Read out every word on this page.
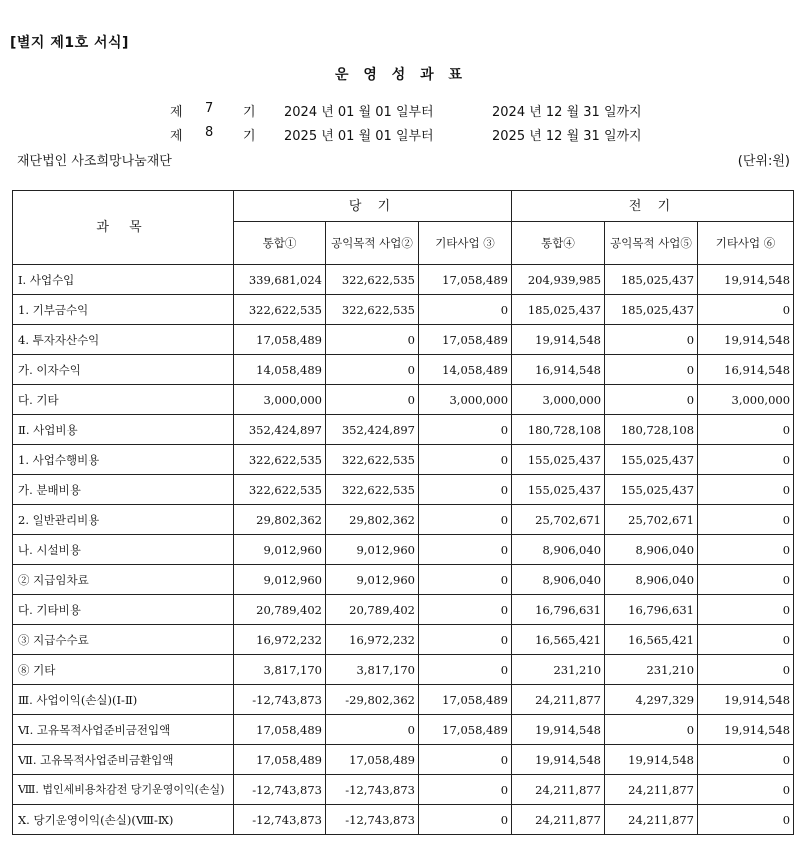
[별지 제1호 서식]
운 영 성 과 표

제

7

기

2024 년 01 월 01 일부터

	2024 년 12 월 31 일까지

제

8

기

2025 년 01 월 01 일부터

	2025 년 12 월 31 일까지

재단법인 사조희망나눔재단	(단위:원)
과 목	당 기			전 기		
	통합①	공익목적 사업②	기타사업 ③	통합④	공익목적 사업⑤	기타사업 ⑥
Ⅰ. 사업수입	339,681,024	322,622,535	17,058,489	204,939,985	185,025,437	19,914,548
1. 기부금수익	322,622,535	322,622,535	0	185,025,437	185,025,437	0
4. 투자자산수익	17,058,489	0	17,058,489	19,914,548	0	19,914,548
가. 이자수익	14,058,489	0	14,058,489	16,914,548	0	16,914,548
다. 기타	3,000,000	0	3,000,000	3,000,000	0	3,000,000
Ⅱ. 사업비용	352,424,897	352,424,897	0	180,728,108	180,728,108	0
1. 사업수행비용	322,622,535	322,622,535	0	155,025,437	155,025,437	0
가. 분배비용	322,622,535	322,622,535	0	155,025,437	155,025,437	0
2. 일반관리비용	29,802,362	29,802,362	0	25,702,671	25,702,671	0
나. 시설비용	9,012,960	9,012,960	0	8,906,040	8,906,040	0
② 지급임차료	9,012,960	9,012,960	0	8,906,040	8,906,040	0
다. 기타비용	20,789,402	20,789,402	0	16,796,631	16,796,631	0
③ 지급수수료	16,972,232	16,972,232	0	16,565,421	16,565,421	0
⑧ 기타	3,817,170	3,817,170	0	231,210	231,210	0
Ⅲ. 사업이익(손실)(Ⅰ-Ⅱ)	-12,743,873	-29,802,362	17,058,489	24,211,877	4,297,329	19,914,548
Ⅵ. 고유목적사업준비금전입액	17,058,489	0	17,058,489	19,914,548	0	19,914,548
Ⅶ. 고유목적사업준비금환입액	17,058,489	17,058,489	0	19,914,548	19,914,548	0
Ⅷ. 법인세비용차감전 당기운영이익(손실)	-12,743,873	-12,743,873	0	24,211,877	24,211,877	0
Ⅹ. 당기운영이익(손실)(Ⅷ-Ⅸ)	-12,743,873	-12,743,873	0	24,211,877	24,211,877	0
